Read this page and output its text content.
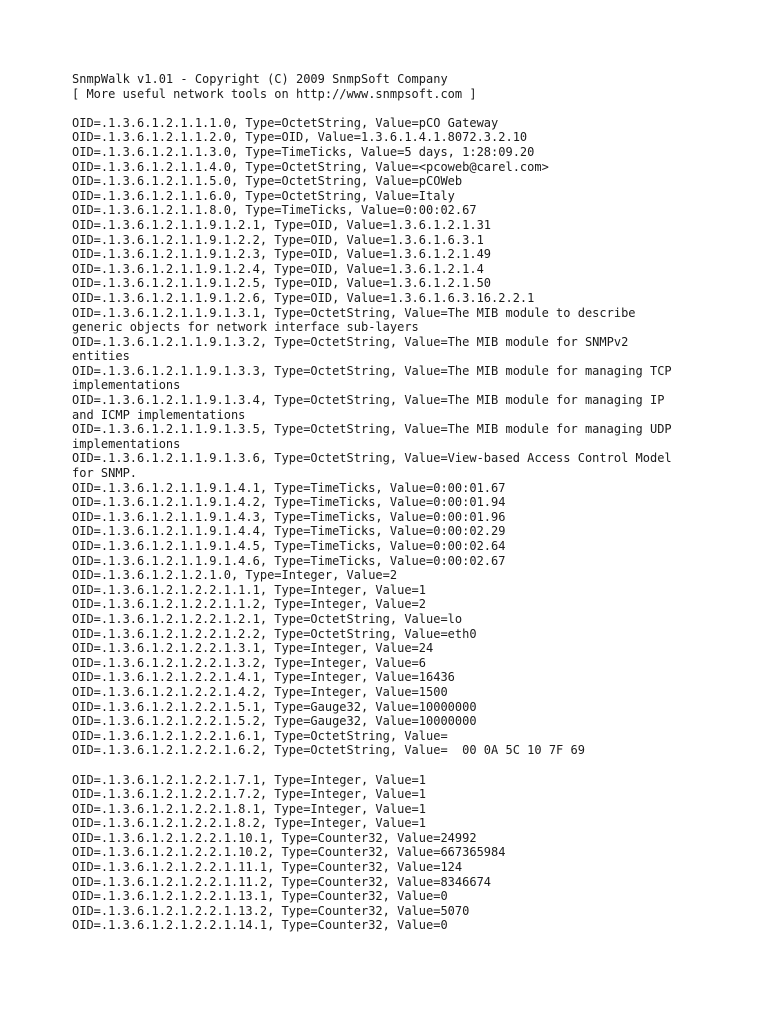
SnmpWalk v1.01 - Copyright (C) 2009 SnmpSoft Company
[ More useful network tools on http://www.snmpsoft.com ]
OID=.1.3.6.1.2.1.1.1.0, Type=OctetString, Value=pCO Gateway
OID=.1.3.6.1.2.1.1.2.0, Type=OID, Value=1.3.6.1.4.1.8072.3.2.10
OID=.1.3.6.1.2.1.1.3.0, Type=TimeTicks, Value=5 days, 1:28:09.20
OID=.1.3.6.1.2.1.1.4.0, Type=OctetString, Value=<pcoweb@carel.com>
OID=.1.3.6.1.2.1.1.5.0, Type=OctetString, Value=pCOWeb
OID=.1.3.6.1.2.1.1.6.0, Type=OctetString, Value=Italy
OID=.1.3.6.1.2.1.1.8.0, Type=TimeTicks, Value=0:00:02.67
OID=.1.3.6.1.2.1.1.9.1.2.1, Type=OID, Value=1.3.6.1.2.1.31
OID=.1.3.6.1.2.1.1.9.1.2.2, Type=OID, Value=1.3.6.1.6.3.1
OID=.1.3.6.1.2.1.1.9.1.2.3, Type=OID, Value=1.3.6.1.2.1.49
OID=.1.3.6.1.2.1.1.9.1.2.4, Type=OID, Value=1.3.6.1.2.1.4
OID=.1.3.6.1.2.1.1.9.1.2.5, Type=OID, Value=1.3.6.1.2.1.50
OID=.1.3.6.1.2.1.1.9.1.2.6, Type=OID, Value=1.3.6.1.6.3.16.2.2.1
OID=.1.3.6.1.2.1.1.9.1.3.1, Type=OctetString, Value=The MIB module to describe
generic objects for network interface sub-layers
OID=.1.3.6.1.2.1.1.9.1.3.2, Type=OctetString, Value=The MIB module for SNMPv2
entities
OID=.1.3.6.1.2.1.1.9.1.3.3, Type=OctetString, Value=The MIB module for managing TCP
implementations
OID=.1.3.6.1.2.1.1.9.1.3.4, Type=OctetString, Value=The MIB module for managing IP
and ICMP implementations
OID=.1.3.6.1.2.1.1.9.1.3.5, Type=OctetString, Value=The MIB module for managing UDP
implementations
OID=.1.3.6.1.2.1.1.9.1.3.6, Type=OctetString, Value=View-based Access Control Model
for SNMP.
OID=.1.3.6.1.2.1.1.9.1.4.1, Type=TimeTicks, Value=0:00:01.67
OID=.1.3.6.1.2.1.1.9.1.4.2, Type=TimeTicks, Value=0:00:01.94
OID=.1.3.6.1.2.1.1.9.1.4.3, Type=TimeTicks, Value=0:00:01.96
OID=.1.3.6.1.2.1.1.9.1.4.4, Type=TimeTicks, Value=0:00:02.29
OID=.1.3.6.1.2.1.1.9.1.4.5, Type=TimeTicks, Value=0:00:02.64
OID=.1.3.6.1.2.1.1.9.1.4.6, Type=TimeTicks, Value=0:00:02.67
OID=.1.3.6.1.2.1.2.1.0, Type=Integer, Value=2
OID=.1.3.6.1.2.1.2.2.1.1.1, Type=Integer, Value=1
OID=.1.3.6.1.2.1.2.2.1.1.2, Type=Integer, Value=2
OID=.1.3.6.1.2.1.2.2.1.2.1, Type=OctetString, Value=lo
OID=.1.3.6.1.2.1.2.2.1.2.2, Type=OctetString, Value=eth0
OID=.1.3.6.1.2.1.2.2.1.3.1, Type=Integer, Value=24
OID=.1.3.6.1.2.1.2.2.1.3.2, Type=Integer, Value=6
OID=.1.3.6.1.2.1.2.2.1.4.1, Type=Integer, Value=16436
OID=.1.3.6.1.2.1.2.2.1.4.2, Type=Integer, Value=1500
OID=.1.3.6.1.2.1.2.2.1.5.1, Type=Gauge32, Value=10000000
OID=.1.3.6.1.2.1.2.2.1.5.2, Type=Gauge32, Value=10000000
OID=.1.3.6.1.2.1.2.2.1.6.1, Type=OctetString, Value=
OID=.1.3.6.1.2.1.2.2.1.6.2, Type=OctetString, Value=  00 0A 5C 10 7F 69
OID=.1.3.6.1.2.1.2.2.1.7.1, Type=Integer, Value=1
OID=.1.3.6.1.2.1.2.2.1.7.2, Type=Integer, Value=1
OID=.1.3.6.1.2.1.2.2.1.8.1, Type=Integer, Value=1
OID=.1.3.6.1.2.1.2.2.1.8.2, Type=Integer, Value=1
OID=.1.3.6.1.2.1.2.2.1.10.1, Type=Counter32, Value=24992
OID=.1.3.6.1.2.1.2.2.1.10.2, Type=Counter32, Value=667365984
OID=.1.3.6.1.2.1.2.2.1.11.1, Type=Counter32, Value=124
OID=.1.3.6.1.2.1.2.2.1.11.2, Type=Counter32, Value=8346674
OID=.1.3.6.1.2.1.2.2.1.13.1, Type=Counter32, Value=0
OID=.1.3.6.1.2.1.2.2.1.13.2, Type=Counter32, Value=5070
OID=.1.3.6.1.2.1.2.2.1.14.1, Type=Counter32, Value=0
